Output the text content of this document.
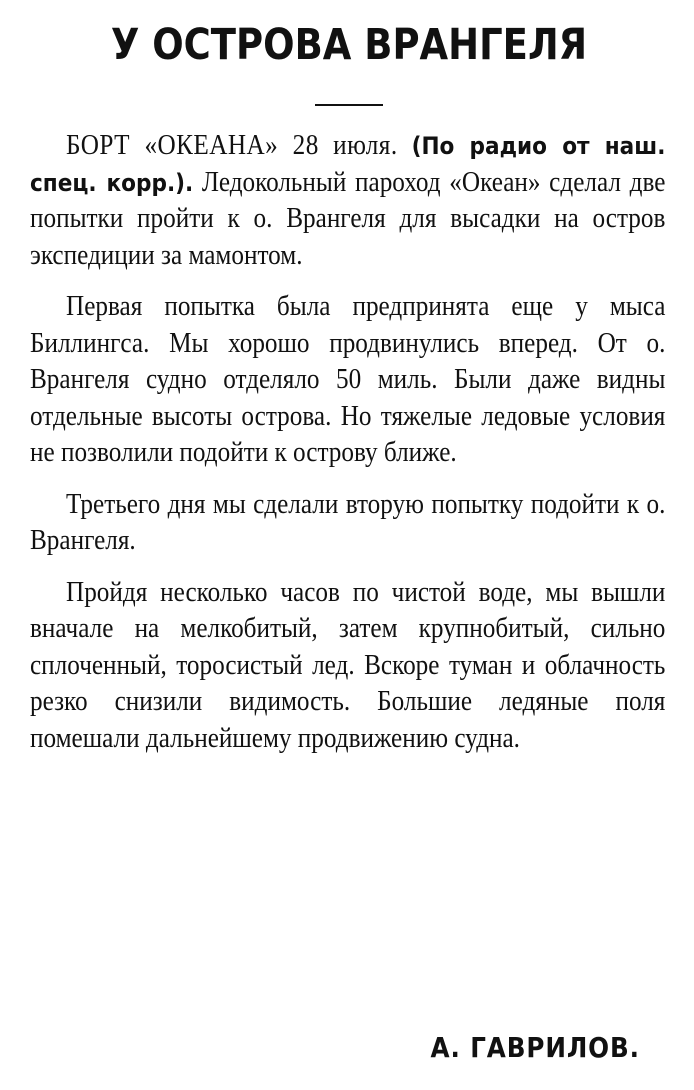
У ОСТРОВА ВРАНГЕЛЯ

БОРТ «ОКЕАНА» 28 июля. (По радио от наш. спец. корр.). Ледокольный пароход «Океан» сделал две попытки пройти к о. Врангеля для высадки на остров экспедиции за мамонтом.

Первая попытка была предпринята еще у мыса Биллингса. Мы хорошо продвинулись вперед. От о. Врангеля судно отделяло 50 миль. Были даже видны отдельные высоты острова. Но тяжелые ледовые условия не позволили подойти к острову ближе.

Третьего дня мы сделали вторую попытку подойти к о. Врангеля.

Пройдя несколько часов по чистой воде, мы вышли вначале на мелкобитый, затем крупнобитый, сильно сплоченный, торосистый лед. Вскоре туман и облачность резко снизили видимость. Большие ледяные поля помешали дальнейшему продвижению судна.

А. ГАВРИЛОВ.
